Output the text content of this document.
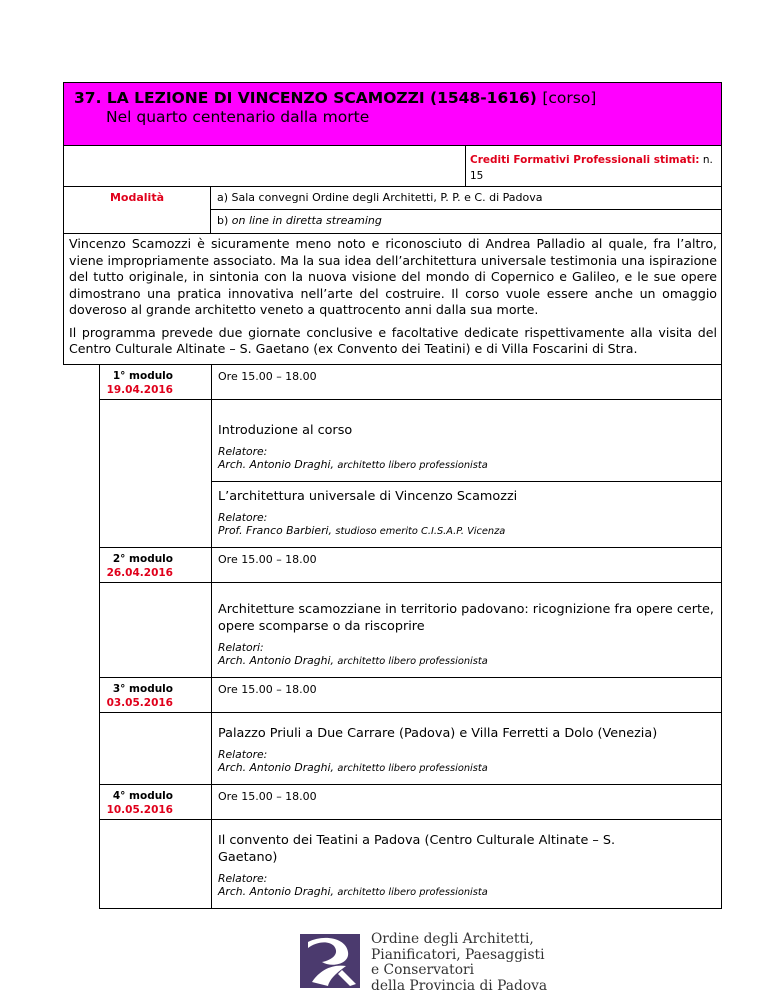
37. LA LEZIONE DI VINCENZO SCAMOZZI (1548-1616) [corso]
Nel quarto centenario dalla morte		

		Crediti Formativi Professionali stimati: n. 15
Modalità	a) Sala convegni Ordine degli Architetti, P. P. e C. di Padova	
	b) on line in diretta streaming	

Vincenzo Scamozzi è sicuramente meno noto e riconosciuto di Andrea Palladio al quale, fra l’altro, viene impropriamente associato. Ma la sua idea dell’architettura universale testimonia una ispirazione del tutto originale, in sintonia con la nuova visione del mondo di Copernico e Galileo, e le sue opere dimostrano una pratica innovativa nell’arte del costruire. Il corso vuole essere anche un omaggio doveroso al grande architetto veneto a quattrocento anni dalla sua morte.

Il programma prevede due giornate conclusive e facoltative dedicate rispettivamente alla visita del Centro Culturale Altinate – S. Gaetano (ex Convento dei Teatini) e di Villa Foscarini di Stra.		

1° modulo
19.04.2016	Ore 15.00 – 18.00

	Introduzione al corso
Relatore:
Arch. Antonio Draghi, architetto libero professionista

	L’architettura universale di Vincenzo Scamozzi
Relatore:
Prof. Franco Barbieri, studioso emerito C.I.S.A.P. Vicenza

2° modulo
26.04.2016	Ore 15.00 – 18.00

	Architetture scamozziane in territorio padovano: ricognizione fra opere certe, opere scomparse o da riscoprire
Relatori:
Arch. Antonio Draghi, architetto libero professionista

3° modulo
03.05.2016	Ore 15.00 – 18.00

	Palazzo Priuli a Due Carrare (Padova) e Villa Ferretti a Dolo (Venezia)
Relatore:
Arch. Antonio Draghi, architetto libero professionista

4° modulo
10.05.2016	Ore 15.00 – 18.00

	Il convento dei Teatini a Padova (Centro Culturale Altinate – S. Gaetano)
Relatore:
Arch. Antonio Draghi, architetto libero professionista
Ordine degli Architetti,
Pianificatori, Paesaggisti
e Conservatori
della Provincia di Padova
